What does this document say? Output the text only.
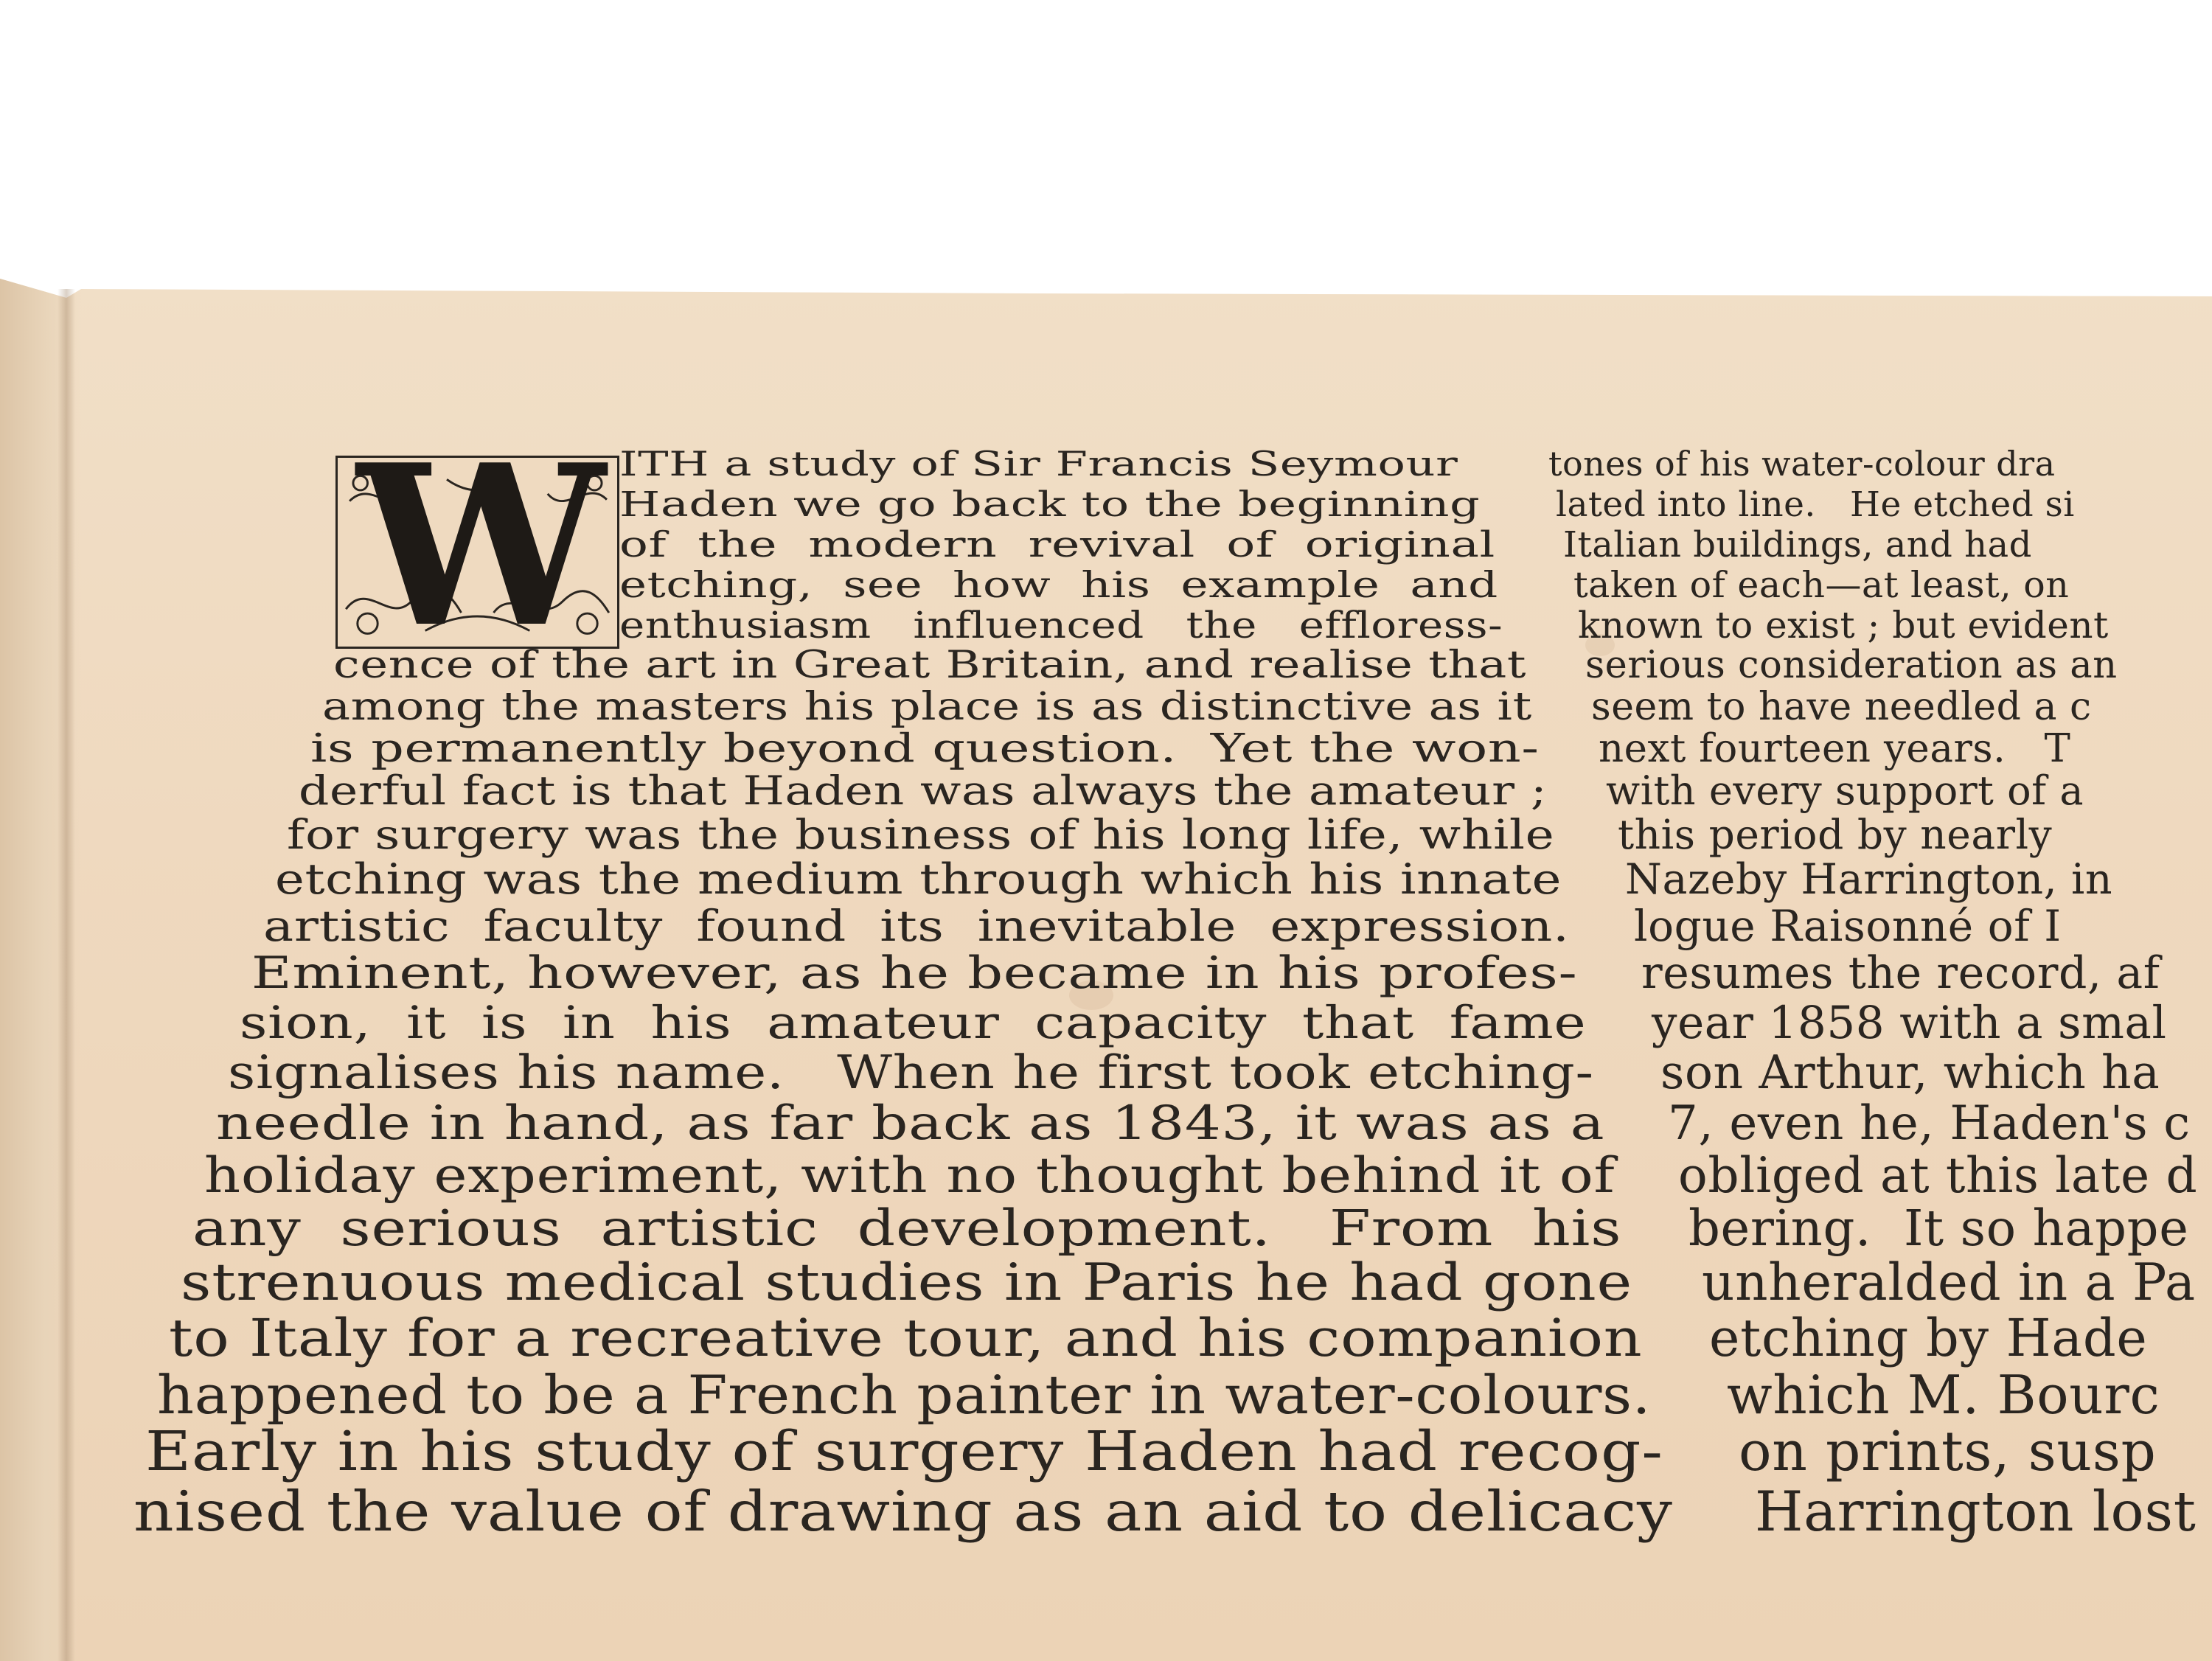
W ITH a study of Sir Francis Seymour
Haden we go back to the beginning
of  the  modern  revival  of  original
etching,  see  how  his  example  and
enthusiasm   influenced   the   effloress-
cence of the art in Great Britain, and realise that
among the masters his place is as distinctive as it
is permanently beyond question.  Yet the won-
derful fact is that Haden was always the amateur ;
for surgery was the business of his long life, while
etching was the medium through which his innate
artistic  faculty  found  its  inevitable  expression.
Eminent, however, as he became in his profes-
sion,  it  is  in  his  amateur  capacity  that  fame
signalises his name.   When he first took etching-
needle in hand, as far back as 1843, it was as a
holiday experiment, with no thought behind it of
any  serious  artistic  development.   From  his
strenuous medical studies in Paris he had gone
to Italy for a recreative tour, and his companion
happened to be a French painter in water-colours.
Early in his study of surgery Haden had recog-
nised the value of drawing as an aid to delicacy
tones of his water-colour dra
lated into line.   He etched si
Italian buildings, and had
taken of each—at least, on
known to exist ; but evident
serious consideration as an
seem to have needled a c
next fourteen years.   T
with every support of a
this period by nearly
Nazeby Harrington, in
logue Raisonné of I
resumes the record, af
year 1858 with a smal
son Arthur, which ha
7, even he, Haden's c
obliged at this late d
bering.  It so happe
unheralded in a Pa
etching by Hade
which M. Bourc
on prints, susp
Harrington lost
